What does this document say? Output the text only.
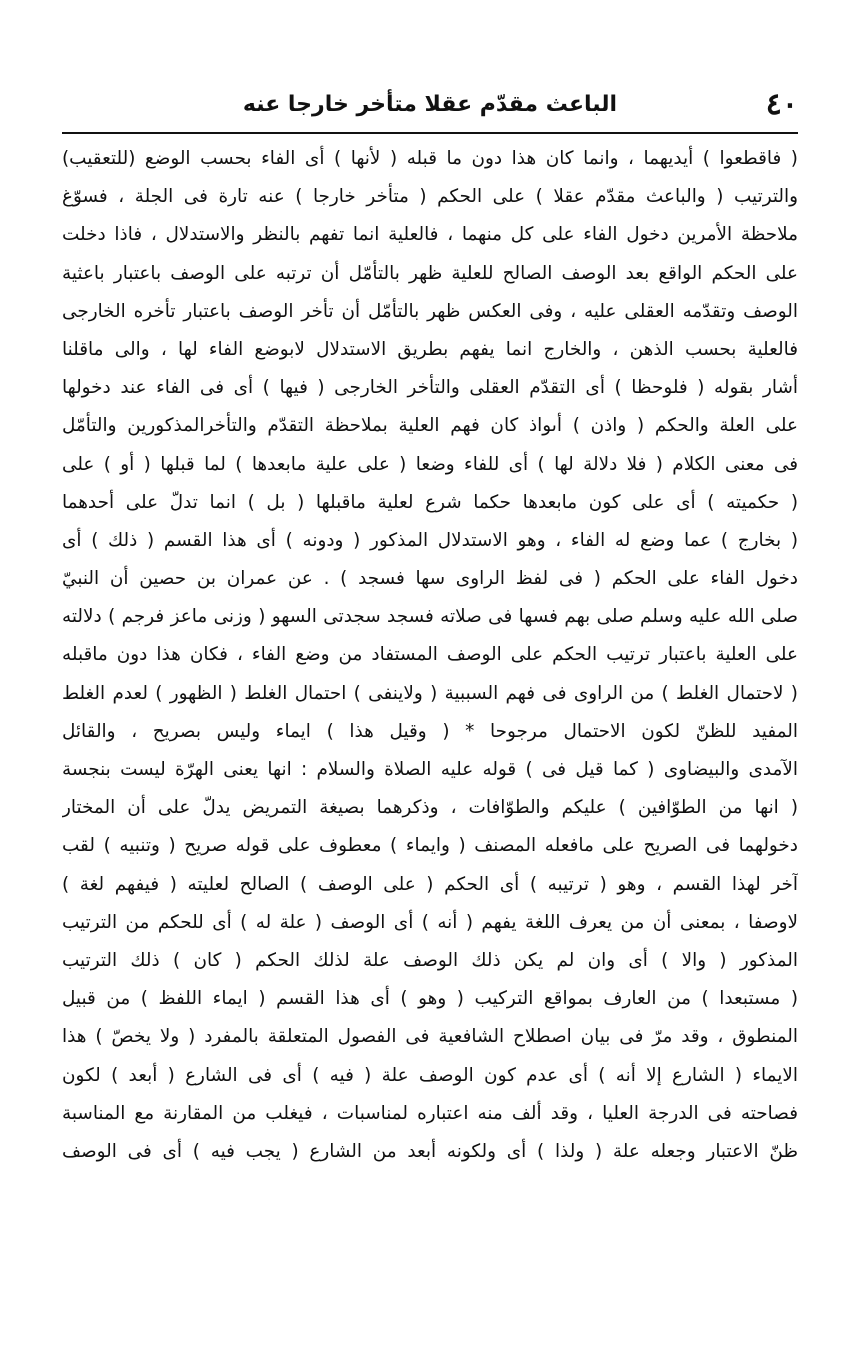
٤٠
الباعث مقدّم عقلا متأخر خارجا عنه
( فاقطعوا ) أيديهما ، وانما كان هذا دون ما قبله ( لأنها ) أى الفاء بحسب الوضع (للتعقيب)
والترتيب ( والباعث مقدّم عقلا ) على الحكم ( متأخر خارجا ) عنه تارة فى الجلة ، فسوّغ
ملاحظة الأمرين دخول الفاء على كل منهما ، فالعلية انما تفهم بالنظر والاستدلال ، فاذا دخلت
على الحكم الواقع بعد الوصف الصالح للعلية ظهر بالتأمّل أن ترتبه على الوصف باعتبار باعثية
الوصف وتقدّمه العقلى عليه ، وفى العكس ظهر بالتأمّل أن تأخر الوصف باعتبار تأخره الخارجى
فالعلية بحسب الذهن ، والخارج انما يفهم بطريق الاستدلال لابوضع الفاء لها ، والى ماقلنا
أشار بقوله ( فلوحظا ) أى التقدّم العقلى والتأخر الخارجى ( فيها ) أى فى الفاء عند دخولها
على العلة والحكم ( واذن ) أىواذ كان فهم العلية بملاحظة التقدّم والتأخرالمذكورين والتأمّل
فى معنى الكلام ( فلا دلالة لها ) أى للفاء وضعا ( على علية مابعدها ) لما قبلها ( أو ) على
( حكميته ) أى على كون مابعدها حكما شرع لعلية ماقبلها ( بل ) انما تدلّ على أحدهما
( بخارج ) عما وضع له الفاء ، وهو الاستدلال المذكور ( ودونه ) أى هذا القسم ( ذلك ) أى
دخول الفاء على الحكم ( فى لفظ الراوى سها فسجد ) . عن عمران بن حصين أن النبيّ
صلى الله عليه وسلم صلى بهم فسها فى صلاته فسجد سجدتى السهو ( وزنى ماعز فرجم ) دلالته
على العلية باعتبار ترتيب الحكم على الوصف المستفاد من وضع الفاء ، فكان هذا دون ماقبله
( لاحتمال الغلط ) من الراوى فى فهم السببية ( ولاينفى ) احتمال الغلط ( الظهور ) لعدم الغلط
المفيد للظنّ لكون الاحتمال مرجوحا * ( وقيل هذا ) ايماء وليس بصريح ، والقائل
الآمدى والبيضاوى ( كما قيل فى ) قوله عليه الصلاة والسلام : انها يعنى الهرّة ليست بنجسة
( انها من الطوّافين ) عليكم والطوّافات ، وذكرهما بصيغة التمريض يدلّ على أن المختار
دخولهما فى الصريح على مافعله المصنف ( وايماء ) معطوف على قوله صريح ( وتنبيه ) لقب
آخر لهذا القسم ، وهو ( ترتيبه ) أى الحكم ( على الوصف ) الصالح لعليته ( فيفهم لغة )
لاوصفا ، بمعنى أن من يعرف اللغة يفهم ( أنه ) أى الوصف ( علة له ) أى للحكم من الترتيب
المذكور ( والا ) أى وان لم يكن ذلك الوصف علة لذلك الحكم ( كان ) ذلك الترتيب
( مستبعدا ) من العارف بمواقع التركيب ( وهو ) أى هذا القسم ( ايماء اللفظ ) من قبيل
المنطوق ، وقد مرّ فى بيان اصطلاح الشافعية فى الفصول المتعلقة بالمفرد ( ولا يخصّ ) هذا
الايماء ( الشارع إلا أنه ) أى عدم كون الوصف علة ( فيه ) أى فى الشارع ( أبعد ) لكون
فصاحته فى الدرجة العليا ، وقد ألف منه اعتباره لمناسبات ، فيغلب من المقارنة مع المناسبة
ظنّ الاعتبار وجعله علة ( ولذا ) أى ولكونه أبعد من الشارع ( يجب فيه ) أى فى الوصف
